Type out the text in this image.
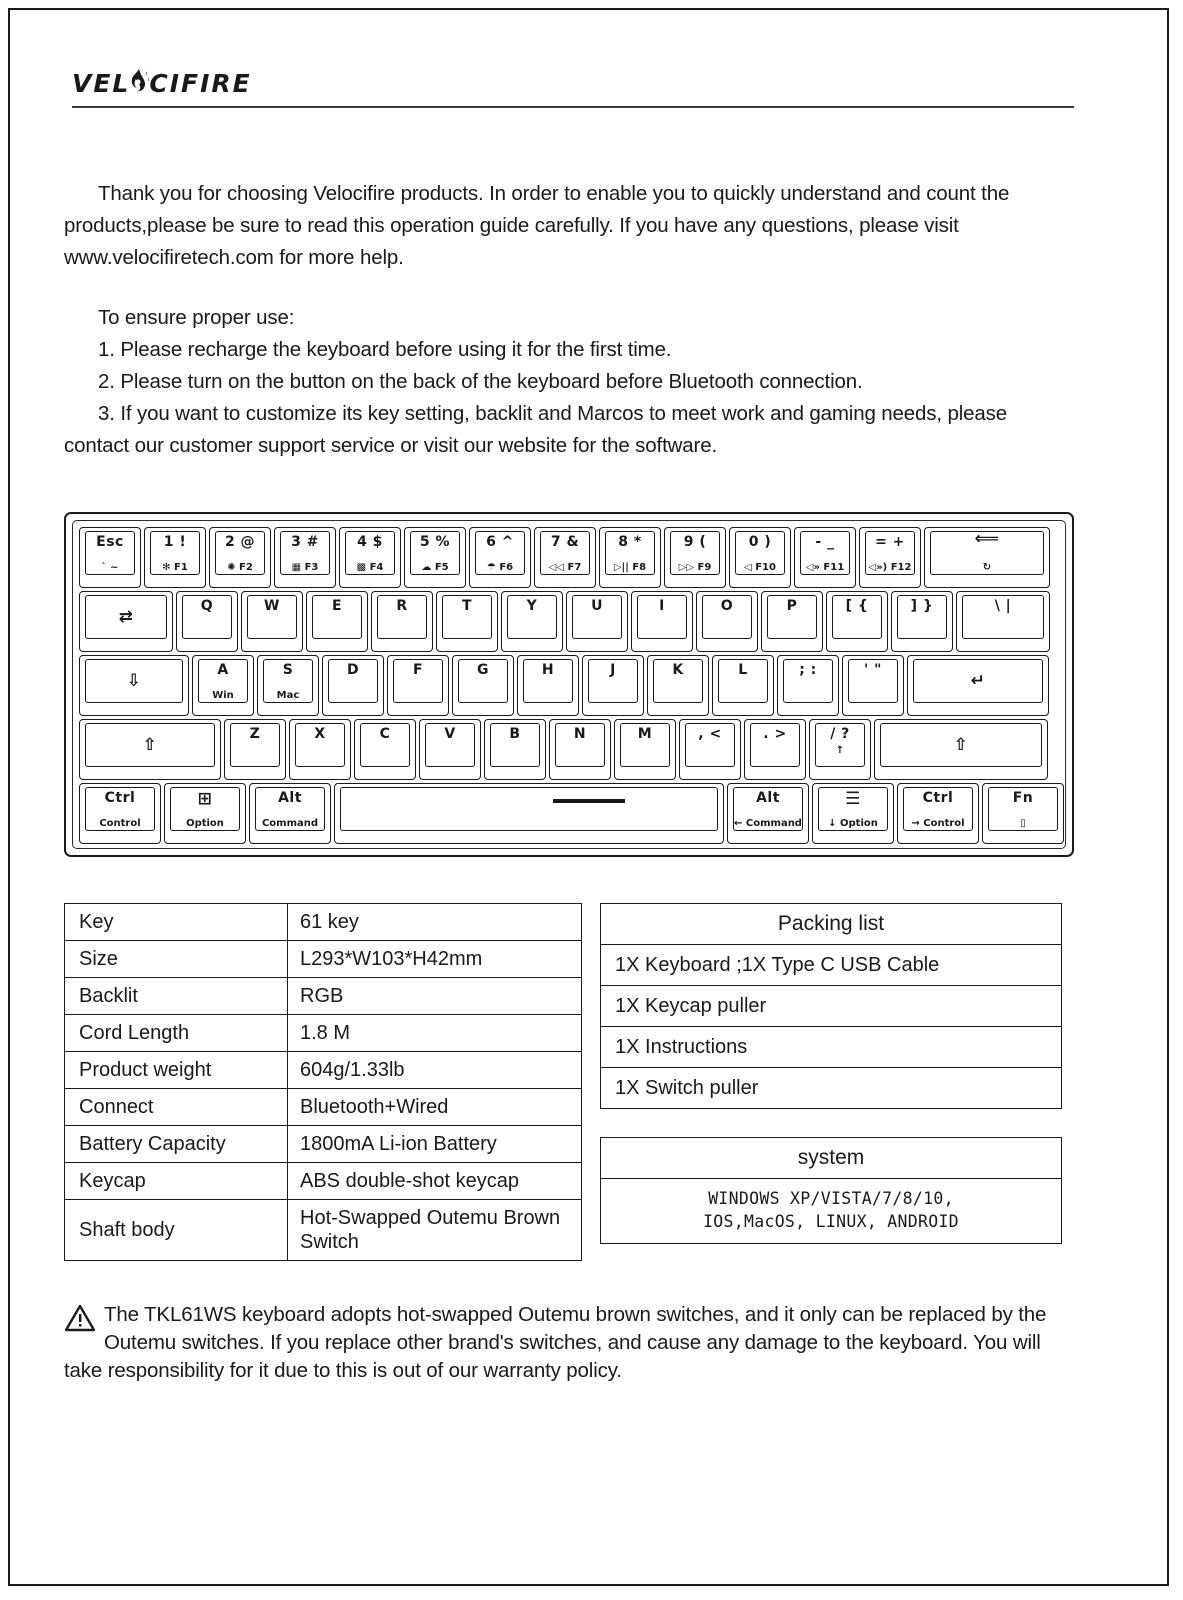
VEL CIFIRE

Thank you for choosing Velocifire products. In order to enable you to quickly understand and count the products,please be sure to read this operation guide carefully. If you have any questions, please visit www.velocifiretech.com for more help.

To ensure proper use:

1. Please recharge the keyboard before using it for the first time.

2. Please turn on the button on the back of the keyboard before Bluetooth connection.

3. If you want to customize its key setting, backlit and Marcos to meet work and gaming needs, please contact our customer support service or visit our website for the software.

Esc
` ~
1 !
✻ F1
2 @
✺ F2
3 #
▦ F3
4 $
▩ F4
5 %
☁ F5
6 ^
☂ F6
7 &
◁◁ F7
8 *
▷|| F8
9 (
▷▷ F9
0 )
◁ F10
- _
◁» F11
= +
◁») F12
⟸
↻
⇄
Q	W	E	R	T	Y	U	I	O	P	[ {	] }	\ |
⇩
A
Win
S
Mac
D	F	G	H	J	K	L	; :	' "
↵
⇧
Z	X	C	V	B	N	M	, <	. >	/ ?
↑	⇧
Ctrl
Control
⊞
Option
Alt
Command
Alt
← Command
☰
↓ Option
Ctrl
→ Control
Fn
▯
Key	61 key
Size	L293*W103*H42mm
Backlit	RGB
Cord Length	1.8 M
Product weight	604g/1.33lb
Connect	Bluetooth+Wired
Battery Capacity	1800mA Li-ion Battery
Keycap	ABS double-shot keycap
Shaft body	Hot-Swapped Outemu Brown Switch
Packing list
1X Keyboard ;1X Type C USB Cable
1X Keycap puller
1X Instructions
1X Switch puller
system
WINDOWS XP/VISTA/7/8/10,
IOS,MacOS, LINUX, ANDROID
The TKL61WS keyboard adopts hot-swapped Outemu brown switches, and it only can be replaced by the Outemu switches. If you replace other brand's switches, and cause any damage to the keyboard. You will take responsibility for it due to this is out of our warranty policy.
